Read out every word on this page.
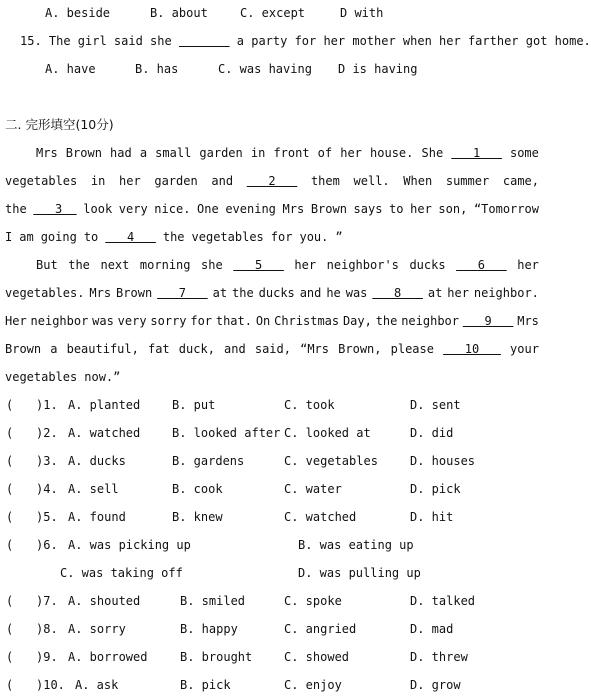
A. beside	B. about	C. except	D with
15. The girl said she	a party for her mother when her farther got home.
A. have	B. has	C. was having D is having
二. 完形填空(10分)
Mrs Brown had a small garden in front of her house. She 1 some
vegetables in her garden and 2 them well. When summer came,
the 3 look very nice. One evening Mrs Brown says to her son, “Tomorrow
I am going to 4 the vegetables for you. ”
But the next morning she 5 her neighbor's ducks 6 her
vegetables. Mrs Brown 7 at the ducks and he was 8 at her neighbor.
Her neighbor was very sorry for that. On Christmas Day, the neighbor 9 Mrs
Brown a beautiful, fat duck, and said, “Mrs Brown, please 10 your
vegetables now.”
( )1. A. planted	B. put	C. took	D. sent
( )2. A. watched	B. looked after C. looked at	D. did
( )3. A. ducks	B. gardens	C. vegetables	D. houses
( )4. A. sell	B. cook	C. water	D. pick
( )5. A. found	B. knew	C. watched	D. hit
( )6. A. was picking up	B. was eating up
C. was taking off	D. was pulling up
( )7. A. shouted	B. smiled	C. spoke	D. talked
( )8. A. sorry	B. happy	C. angried	D. mad
( )9. A. borrowed	B. brought	C. showed	D. threw
( )10. A. ask	B. pick	C. enjoy	D. grow
